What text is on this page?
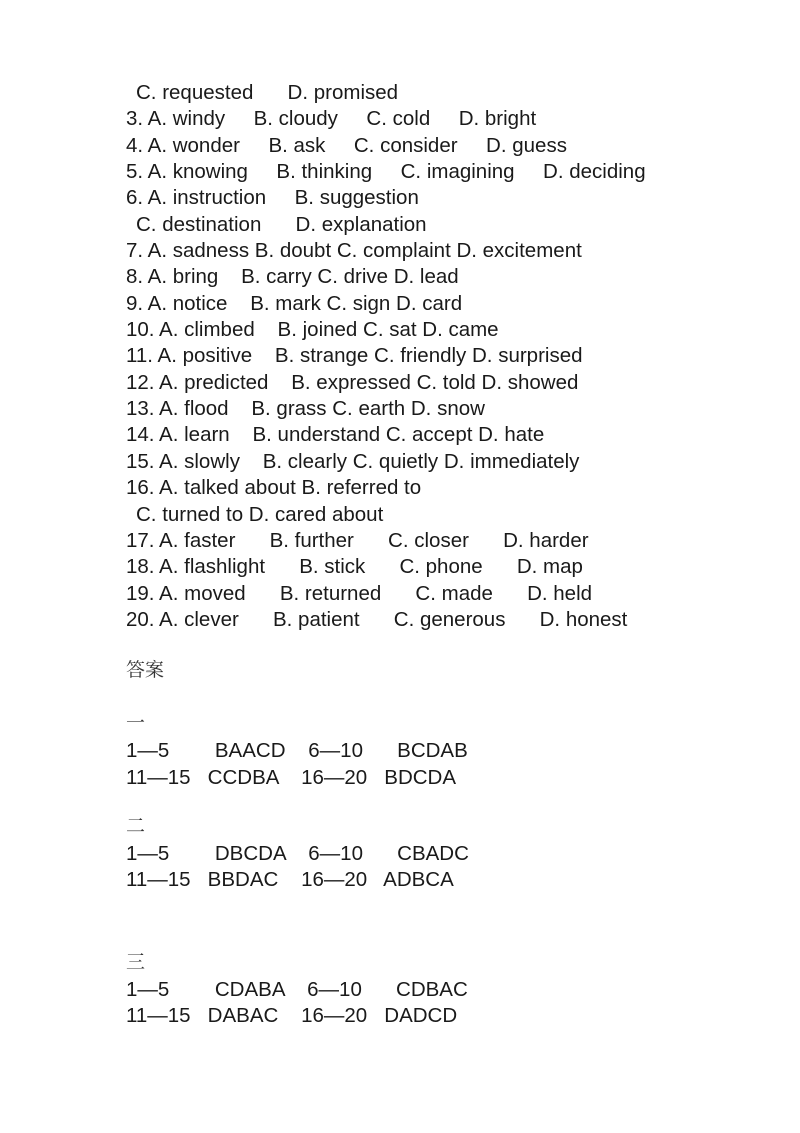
C. requested      D. promised
3. A. windy     B. cloudy     C. cold     D. bright
4. A. wonder     B. ask     C. consider     D. guess
5. A. knowing     B. thinking     C. imagining     D. deciding
6. A. instruction     B. suggestion
C. destination      D. explanation
7. A. sadness B. doubt C. complaint D. excitement
8. A. bring    B. carry C. drive D. lead
9. A. notice    B. mark C. sign D. card
10. A. climbed    B. joined C. sat D. came
11. A. positive    B. strange C. friendly D. surprised
12. A. predicted    B. expressed C. told D. showed
13. A. flood    B. grass C. earth D. snow
14. A. learn    B. understand C. accept D. hate
15. A. slowly    B. clearly C. quietly D. immediately
16. A. talked about B. referred to
C. turned to D. cared about
17. A. faster      B. further      C. closer      D. harder
18. A. flashlight      B. stick      C. phone      D. map
19. A. moved      B. returned      C. made      D. held
20. A. clever      B. patient      C. generous      D. honest
答案
一
1—5        BAACD    6—10      BCDAB
11—15   CCDBA    16—20   BDCDA
二
1—5        DBCDA    6—10      CBADC
11—15   BBDAC    16—20   ADBCA
三
1—5        CDABA    6—10      CDBAC
11—15   DABAC    16—20   DADCD
